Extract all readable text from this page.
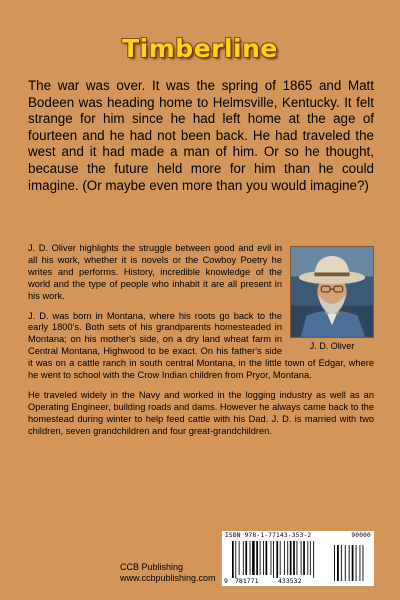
Timberline
The war was over. It was the spring of 1865 and Matt Bodeen was heading home to Helmsville, Kentucky. It felt strange for him since he had left home at the age of fourteen and he had not been back. He had traveled the west and it had made a man of him. Or so he thought, because the future held more for him than he could imagine. (Or maybe even more than you would imagine?)
J. D. Oliver

J. D. Oliver highlights the struggle between good and evil in all his work, whether it is novels or the Cowboy Poetry he writes and performs. History, incredible knowledge of the world and the type of people who inhabit it are all present in his work.

J. D. was born in Montana, where his roots go back to the early 1800's. Both sets of his grandparents homesteaded in Montana; on his mother's side, on a dry land wheat farm in Central Montana, Highwood to be exact. On his father's side it was on a cattle ranch in south central Montana, in the little town of Edgar, where he went to school with the Crow Indian children from Pryor, Montana.

He traveled widely in the Navy and worked in the logging industry as well as an Operating Engineer, building roads and dams. However he always came back to the homestead during winter to help feed cattle with his Dad. J. D. is married with two children, seven grandchildren and four great-grandchildren.

CCB Publishing
www.ccbpublishing.com
ISBN 978-1-77143-353-2	90000
9 781771	433532
